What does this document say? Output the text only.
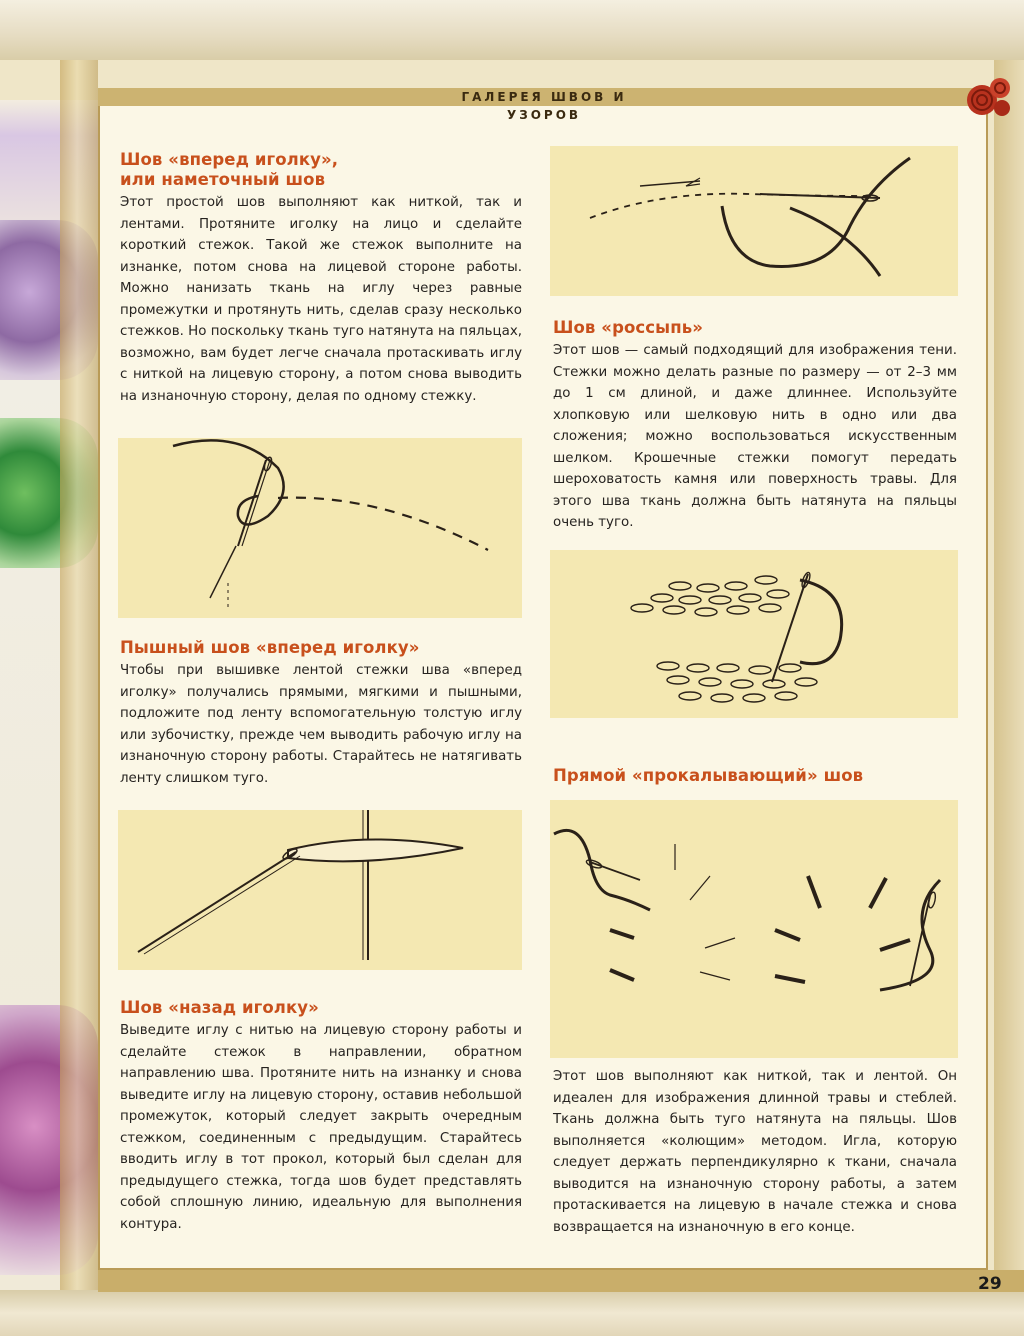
ГАЛЕРЕЯ ШВОВ И УЗОРОВ
Шов «вперед иголку»,
или наметочный шов

Этот простой шов выполняют как ниткой, так и лентами. Протяните иголку на лицо и сделайте короткий стежок. Такой же стежок выполните на изнанке, потом снова на лицевой стороне работы. Можно нанизать ткань на иглу через равные промежутки и протянуть нить, сделав сразу несколько стежков. Но поскольку ткань туго натянута на пяльцах, возможно, вам будет легче сначала протаскивать иглу с ниткой на лицевую сторону, а потом снова выводить на изнаночную сторону, делая по одному стежку.

Пышный шов «вперед иголку»

Чтобы при вышивке лентой стежки шва «вперед иголку» получались прямыми, мягкими и пышными, подложите под ленту вспомогательную толстую иглу или зубочистку, прежде чем выводить рабочую иглу на изнаночную сторону работы. Старайтесь не натягивать ленту слишком туго.

Шов «назад иголку»

Выведите иглу с нитью на лицевую сторону работы и сделайте стежок в направлении, обратном направлению шва. Протяните нить на изнанку и снова выведите иглу на лицевую сторону, оставив небольшой промежуток, который следует закрыть очередным стежком, соединенным с предыдущим. Старайтесь вводить иглу в тот прокол, который был сделан для предыдущего стежка, тогда шов будет представлять собой сплошную линию, идеальную для выполнения контура.

Шов «россыпь»

Этот шов — самый подходящий для изображения тени. Стежки можно делать разные по размеру — от 2–3 мм до 1 см длиной, и даже длиннее. Используйте хлопковую или шелковую нить в одно или два сложения; можно воспользоваться искусственным шелком. Крошечные стежки помогут передать шероховатость камня или поверхность травы. Для этого шва ткань должна быть натянута на пяльцы очень туго.

Прямой «прокалывающий» шов

Этот шов выполняют как ниткой, так и лентой. Он идеален для изображения длинной травы и стеблей. Ткань должна быть туго натянута на пяльцы. Шов выполняется «колющим» методом. Игла, которую следует держать перпендикулярно к ткани, сначала выводится на изнаночную сторону работы, а затем протаскивается на лицевую в начале стежка и снова возвращается на изнаночную в его конце.

29
